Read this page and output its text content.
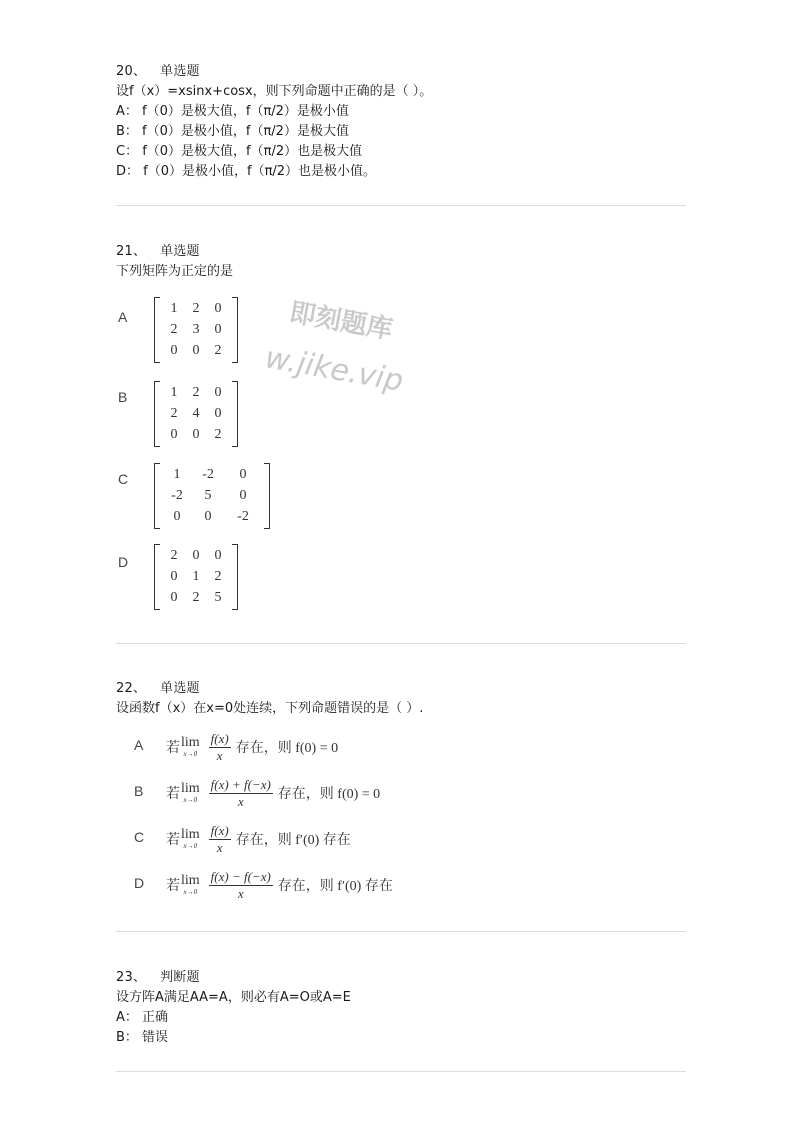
20、 单选题
设f（x）=xsinx+cosx，则下列命题中正确的是（ ）。
A： f（0）是极大值，f（π/2）是极小值
B： f（0）是极小值，f（π/2）是极大值
C： f（0）是极大值，f（π/2）也是极大值
D： f（0）是极小值，f（π/2）也是极小值。
21、 单选题
下列矩阵为正定的是
A
1	2	0
2	3	0
0	0	2
B	1	2	0
2	4	0
0	0	2
C	1	-2	0
-2	5	0
0	0	-2
D	2	0	0
0	1	2
0	2	5
即刻题库
w.jike.vip
22、 单选题
设函数f（x）在x=0处连续，下列命题错误的是（ ）.
A 若 lim
$x\to 0 \frac{f(x)}{x}$ 存在，则 f(0) = 0
B 若 lim
$x\to 0 \frac{f(x) + f(-x)}{x}$ 存在，则 f(0) = 0
C 若 lim
$x\to 0 \frac{f(x)}{x}$ 存在，则 f′(0) 存在
D 若 lim
$x\to 0 \frac{f(x) - f(-x)}{x}$ 存在，则 f′(0) 存在
23、 判断题
设方阵A满足AA=A，则必有A=O或A=E
A： 正确
B： 错误
